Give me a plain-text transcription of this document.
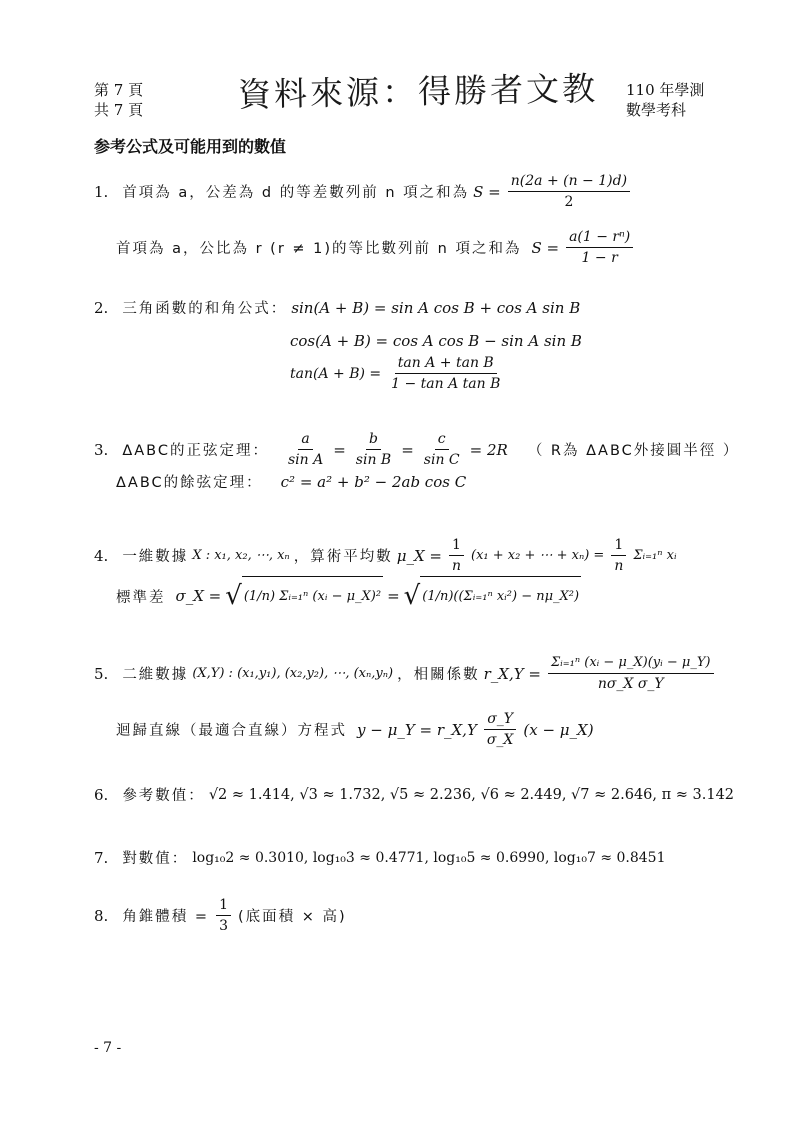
第 7 頁
共 7 頁	資料來源：得勝者文教 110 年學測
數學考科
参考公式及可能用到的數值
1. 首項為 a，公差為 d 的等差數列前 n 項之和為 $S = \frac{n(2a + (n - 1)d)}{2}$
首項為 a，公比為 r (r ≠ 1)的等比數列前 n 項之和為 $S = \frac{\text{a(1 − rⁿ)}}{1 - r}$
2. 三角函數的和角公式： sin(A + B) = sin A cos B + cos A sin B
cos(A + B) = cos A cos B − sin A sin B
$\tan(A + B) = \frac{\text{tan A + tan B}}{\text{1 − tan A tan B}}$
3. ΔABC的正弦定理： $\frac{a}{\text{sin A}} = \frac{b}{\text{sin B}} = \frac{c}{\text{sin C}} = 2R$ （ R為 ΔABC外接圓半徑 ）
ΔABC的餘弦定理： c² = a² + b² − 2ab cos C
4. 一維數據 X : x₁, x₂, ⋯, xₙ ，算術平均數 μ_X = $\frac{1}{n} (x_1 + x_2$ + ⋯ + $x_n) = \frac{1}{n}$ Σᵢ₌₁ⁿ xᵢ
標準差 σ_X = √ (1/n) Σᵢ₌₁ⁿ (xᵢ − μ_X)² = √ (1/n)((Σᵢ₌₁ⁿ xᵢ²) − nμ_X²)
5. 二維數據 (X,Y) : (x₁,y₁), (x₂,y₂), ⋯, (xₙ,yₙ) ，相關係數 r_X,Y = $\frac{\text{Σᵢ₌₁ⁿ (xᵢ − μ\_X)(yᵢ − μ\_Y)}}{\text{nσ\_X σ\_Y}}$
迴歸直線（最適合直線）方程式 y − μ_Y = r_X,Y $\frac{\sigma\_Y}{\sigma\_X} (x$ − μ_X)
6. 參考數值： √2 ≈ 1.414, √3 ≈ 1.732, √5 ≈ 2.236, √6 ≈ 2.449, √7 ≈ 2.646, π ≈ 3.142
7. 對數值： log₁₀2 ≈ 0.3010, log₁₀3 ≈ 0.4771, log₁₀5 ≈ 0.6990, log₁₀7 ≈ 0.8451
8. 角錐體積 = $\frac{1}{3}$ (底面積 × 高)
- 7 -
